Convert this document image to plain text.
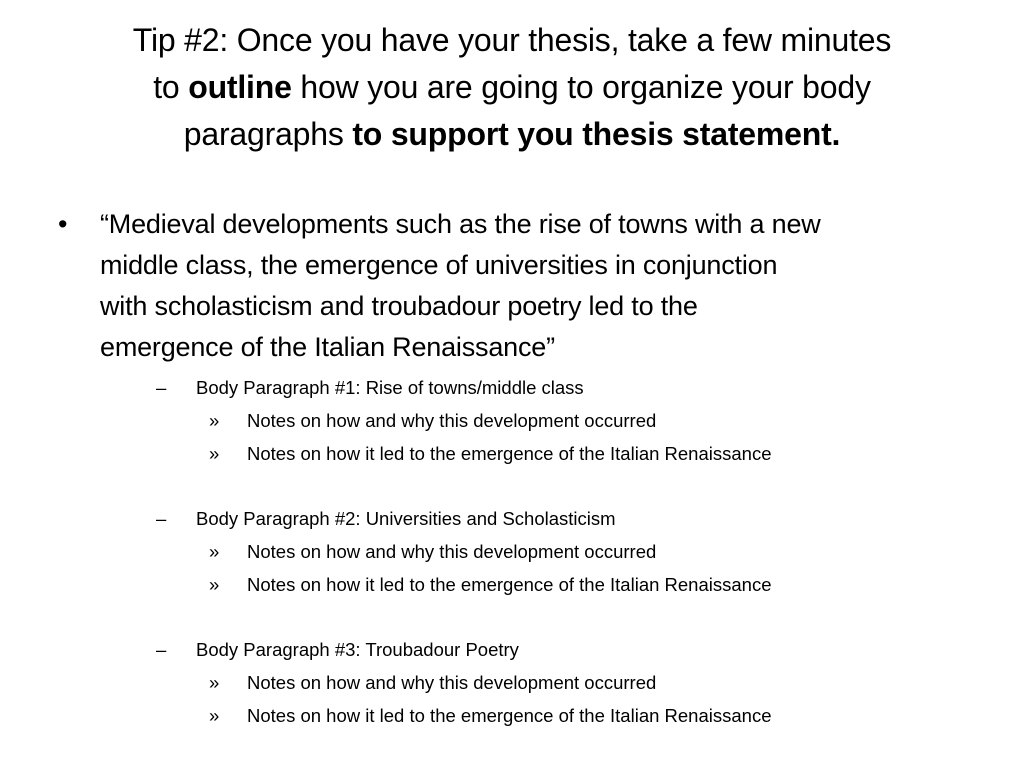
Tip #2: Once you have your thesis, take a few minutes
to outline how you are going to organize your body
paragraphs to support you thesis statement.
• “Medieval developments such as the rise of towns with a new
middle class, the emergence of universities in conjunction
with scholasticism and troubadour poetry led to the
emergence of the Italian Renaissance”
– Body Paragraph #1: Rise of towns/middle class
» Notes on how and why this development occurred
» Notes on how it led to the emergence of the Italian Renaissance
– Body Paragraph #2: Universities and Scholasticism
» Notes on how and why this development occurred
» Notes on how it led to the emergence of the Italian Renaissance
– Body Paragraph #3: Troubadour Poetry
» Notes on how and why this development occurred
» Notes on how it led to the emergence of the Italian Renaissance
